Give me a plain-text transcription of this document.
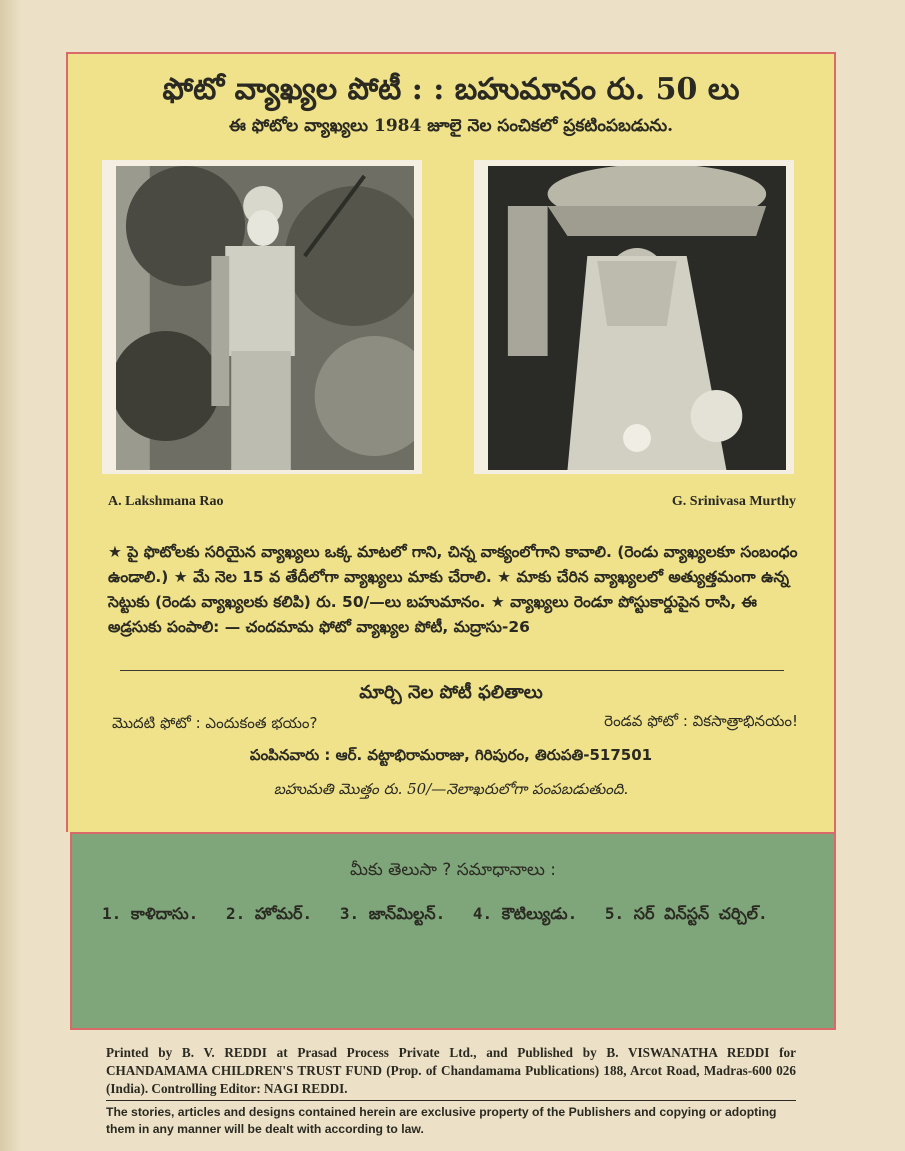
ఫోటో వ్యాఖ్యల పోటీ : : బహుమానం రు. 50 లు
ఈ ఫోటోల వ్యాఖ్యలు 1984 జూలై నెల సంచికలో ప్రకటింపబడును.
A. Lakshmana Rao	G. Srinivasa Murthy
★ పై ఫొటోలకు సరియైన వ్యాఖ్యలు ఒక్క మాటలో గాని, చిన్న వాక్యంలోగాని కావాలి. (రెండు వ్యాఖ్యలకూ సంబంధం ఉండాలి.) ★ మే నెల 15 వ తేదీలోగా వ్యాఖ్యలు మాకు చేరాలి. ★ మాకు చేరిన వ్యాఖ్యలలో అత్యుత్తమంగా ఉన్న సెట్టుకు (రెండు వ్యాఖ్యలకు కలిపి) రు. 50/—లు బహుమానం. ★ వ్యాఖ్యలు రెండూ పోస్టుకార్డుపైన రాసి, ఈ అడ్రసుకు పంపాలి: — చందమామ ఫోటో వ్యాఖ్యల పోటీ, మద్రాసు-26
మార్చి నెల పోటీ ఫలితాలు
మొదటి ఫోటో : ఎందుకంత భయం?	రెండవ ఫోటో : వికసాత్రాభినయం!
పంపినవారు : ఆర్. వట్టాభిరామరాజు, గిరిపురం, తిరుపతి-517501
బహుమతి మొత్తం రు. 50/—నెలాఖరులోగా పంపబడుతుంది.
మీకు తెలుసా ? సమాధానాలు :
1. కాళిదాసు. 2. హోమర్. 3. జాన్‌మిల్టన్. 4. కౌటిల్యుడు. 5. సర్ విన్‌స్టన్ చర్చిల్.
Printed by B. V. REDDI at Prasad Process Private Ltd., and Published by B. VISWANATHA REDDI for CHANDAMAMA CHILDREN'S TRUST FUND (Prop. of Chandamama Publications) 188, Arcot Road, Madras-600 026 (India). Controlling Editor: NAGI REDDI.
The stories, articles and designs contained herein are exclusive property of the Publishers and copying or adopting them in any manner will be dealt with according to law.
